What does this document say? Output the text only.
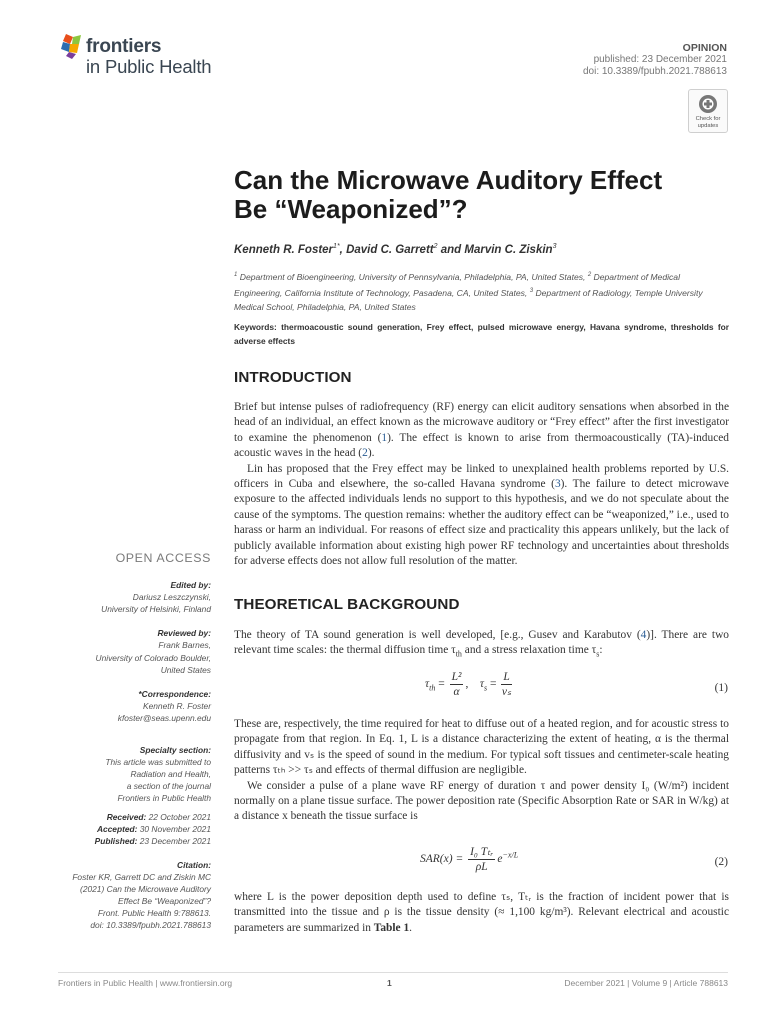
frontiers
in Public Health
OPINION
published: 23 December 2021
doi: 10.3389/fpubh.2021.788613
Check for
updates
Can the Microwave Auditory Effect
Be “Weaponized”?
Kenneth R. Foster$^{1*}$, David C. Garrett$^2$ and Marvin C. Ziskin$^3$
$^1$ Department of Bioengineering, University of Pennsylvania, Philadelphia, PA, United States, $^2$ Department of Medical Engineering, California Institute of Technology, Pasadena, CA, United States, $^3$ Department of Radiology, Temple University Medical School, Philadelphia, PA, United States
Keywords: thermoacoustic sound generation, Frey effect, pulsed microwave energy, Havana syndrome, thresholds for adverse effects
INTRODUCTION

Brief but intense pulses of radiofrequency (RF) energy can elicit auditory sensations when absorbed in the head of an individual, an effect known as the microwave auditory or “Frey effect” after the first investigator to examine the phenomenon (1). The effect is known to arise from thermoacoustically (TA)-induced acoustic waves in the head (2).

Lin has proposed that the Frey effect may be linked to unexplained health problems reported by U.S. officers in Cuba and elsewhere, the so-called Havana syndrome (3). The failure to detect microwave exposure to the affected individuals lends no support to this hypothesis, and we do not speculate about the cause of the symptoms. The question remains: whether the auditory effect can be “weaponized,” i.e., used to harass or harm an individual. For reasons of effect size and practicality this appears unlikely, but the lack of publicly available information about existing high power RF technology and uncertainties about thresholds for adverse effects does not allow full resolution of the matter.

THEORETICAL BACKGROUND

The theory of TA sound generation is well developed, [e.g., Gusev and Karabutov (4)]. There are two relevant time scales: the thermal diffusion time $\tau_{th}$ and a stress relaxation time $\tau_s$:

$\tau_{th} = \frac{\text{L²}}{\alpha}$ , $\tau_s = \frac{L}{\text{vₛ}}$	(1)

These are, respectively, the time required for heat to diffuse out of a heated region, and for acoustic stress to propagate from that region. In Eq. 1, L is a distance characterizing the extent of heating, α is the thermal diffusivity and vₛ is the speed of sound in the medium. For typical soft tissues and centimeter-scale heating patterns τₜₕ >> τₛ and effects of thermal diffusion are negligible.

We consider a pulse of a plane wave RF energy of duration τ and power density I₀ (W/m²) incident normally on a plane tissue surface. The power deposition rate (Specific Absorption Rate or SAR in W/kg) at a distance x beneath the tissue surface is

$SAR(x) = \frac{\text{I₀ Tₜᵣ}}{\rho L} e^{-x/L}$
(2)

where L is the power deposition depth used to define τₛ, Tₜᵣ is the fraction of incident power that is transmitted into the tissue and ρ is the tissue density (≈ 1,100 kg/m³). Relevant electrical and acoustic parameters are summarized in Table 1.

OPEN ACCESS
Edited by:
Dariusz Leszczynski,
University of Helsinki, Finland
Reviewed by:
Frank Barnes,
University of Colorado Boulder,
United States
*Correspondence:
Kenneth R. Foster
kfoster@seas.upenn.edu
Specialty section:
This article was submitted to
Radiation and Health,
a section of the journal
Frontiers in Public Health
Received: 22 October 2021
Accepted: 30 November 2021
Published: 23 December 2021
Citation:
Foster KR, Garrett DC and Ziskin MC
(2021) Can the Microwave Auditory
Effect Be “Weaponized”?
Front. Public Health 9:788613.
doi: 10.3389/fpubh.2021.788613
Frontiers in Public Health | www.frontiersin.org	1	December 2021 | Volume 9 | Article 788613
